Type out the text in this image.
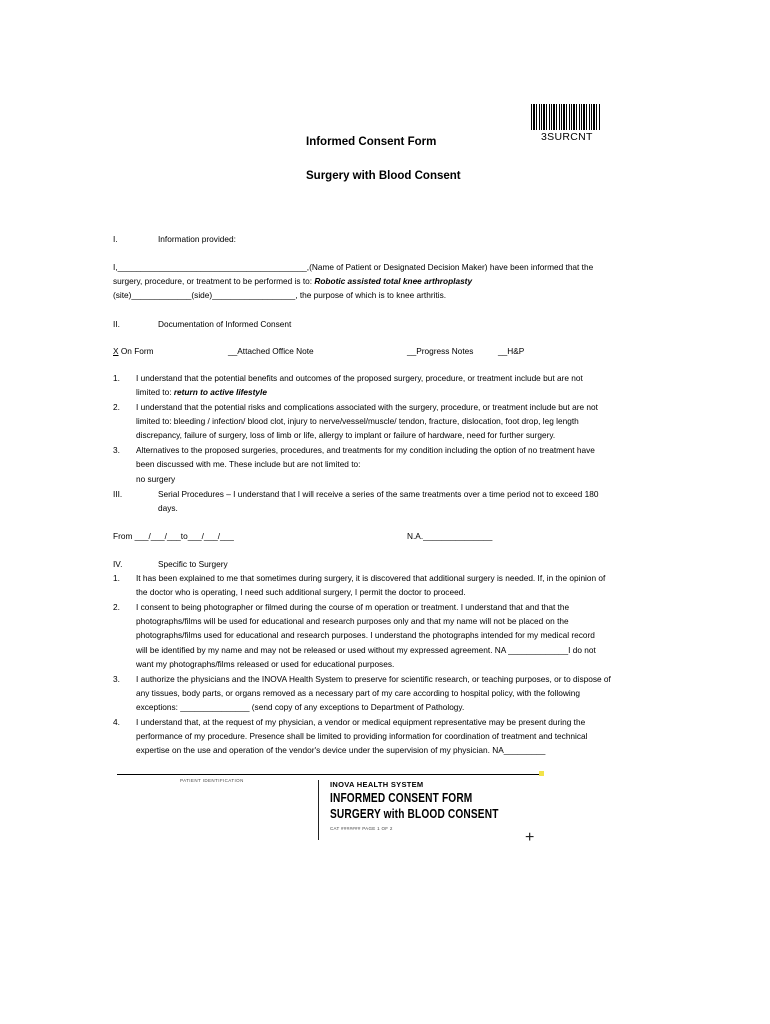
3SURCNT
Informed Consent Form
Surgery with Blood Consent
I.	Information provided:
I,_________________________________________,(Name of Patient or Designated Decision Maker) have been informed that the
surgery, procedure, or treatment to be performed is to: Robotic assisted total knee arthroplasty
(site)_____________(side)__________________, the purpose of which is to knee arthritis.
II.	Documentation of Informed Consent
X On Form	__Attached Office Note	__Progress Notes	__H&P
1. I understand that the potential benefits and outcomes of the proposed surgery, procedure, or treatment include but are not
limited to: return to active lifestyle
2. I understand that the potential risks and complications associated with the surgery, procedure, or treatment include but are not
limited to: bleeding / infection/ blood clot, injury to nerve/vessel/muscle/ tendon, fracture, dislocation, foot drop, leg length
discrepancy, failure of surgery, loss of limb or life, allergy to implant or failure of hardware, need for further surgery.
3. Alternatives to the proposed surgeries, procedures, and treatments for my condition including the option of no treatment have
been discussed with me. These include but are not limited to:
no surgery
III.	Serial Procedures – I understand that I will receive a series of the same treatments over a time period not to exceed 180
days.
From ___/___/___to___/___/___	N.A._______________
IV.	Specific to Surgery
1. It has been explained to me that sometimes during surgery, it is discovered that additional surgery is needed. If, in the opinion of
the doctor who is operating, I need such additional surgery, I permit the doctor to proceed.
2. I consent to being photographer or filmed during the course of m operation or treatment. I understand that and that the
photographs/films will be used for educational and research purposes only and that my name will not be placed on the
photographs/films used for educational and research purposes. I understand the photographs intended for my medical record
will be identified by my name and may not be released or used without my expressed agreement. NA _____________I do not
want my photographs/films released or used for educational purposes.
3. I authorize the physicians and the INOVA Health System to preserve for scientific research, or teaching purposes, or to dispose of
any tissues, body parts, or organs removed as a necessary part of my care according to hospital policy, with the following
exceptions: _______________ (send copy of any exceptions to Department of Pathology.
4. I understand that, at the request of my physician, a vendor or medical equipment representative may be present during the
performance of my procedure. Presence shall be limited to providing information for coordination of treatment and technical
expertise on the use and operation of the vendor's device under the supervision of my physician. NA_________
PATIENT IDENTIFICATION	INOVA HEALTH SYSTEM
INFORMED CONSENT FORM
SURGERY with BLOOD CONSENT
CAT ####### PAGE 1 OF 2
+
